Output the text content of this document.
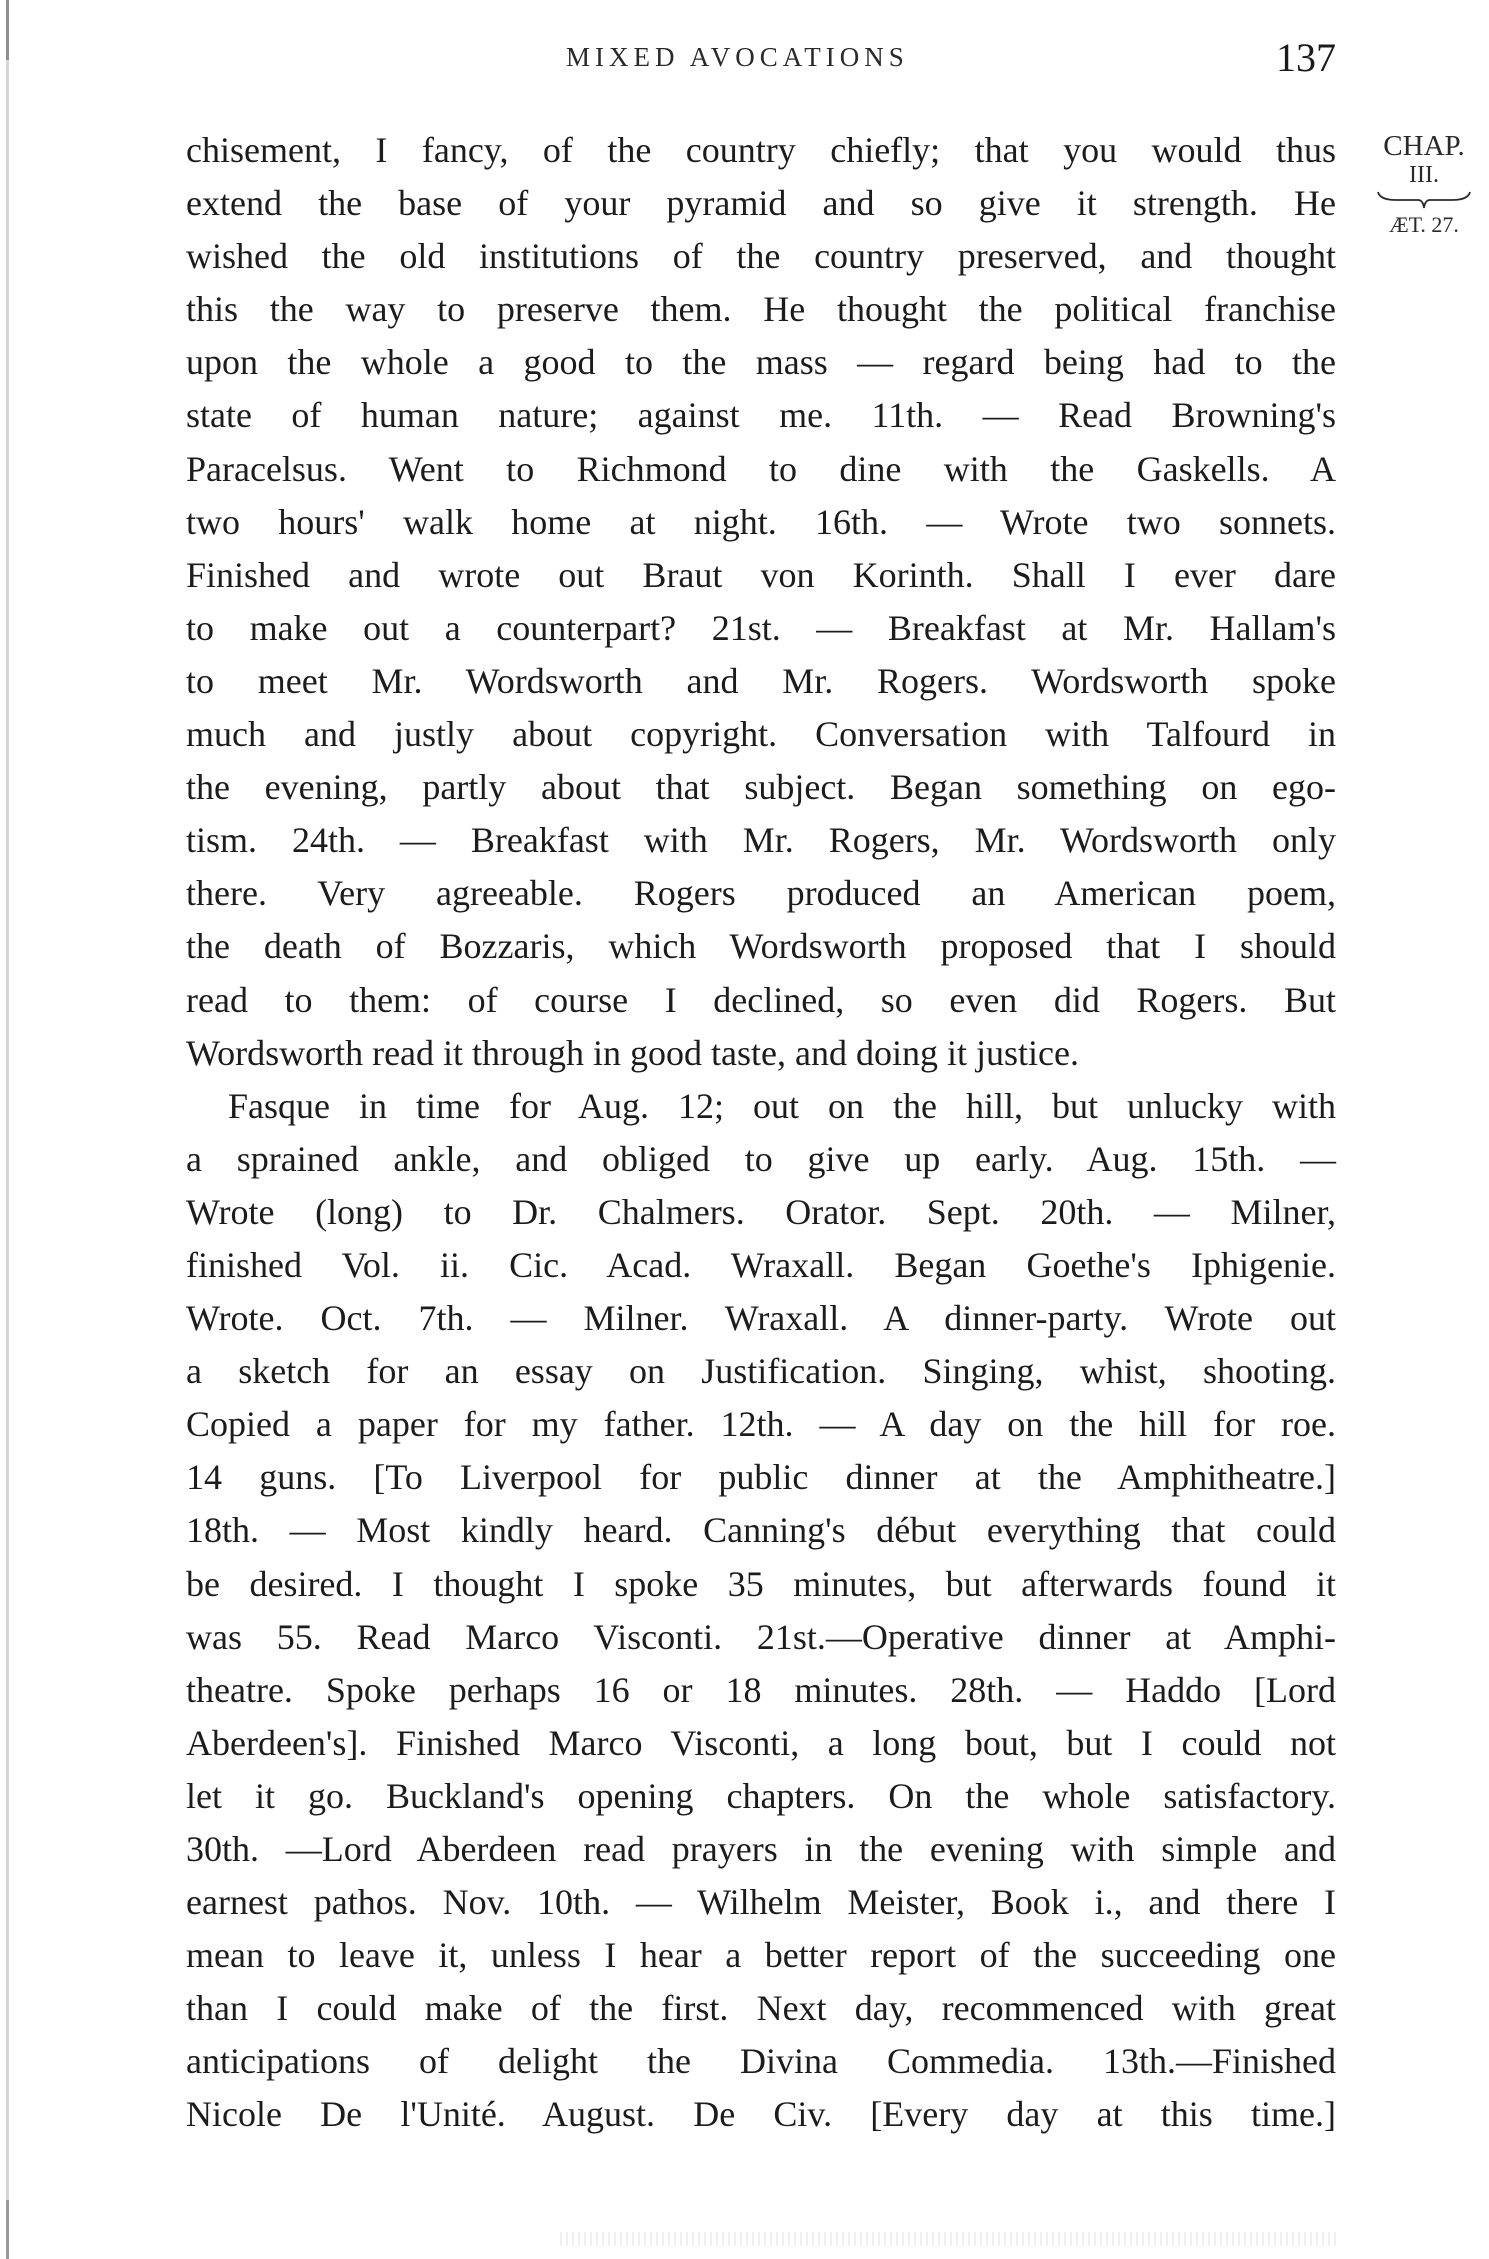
MIXED AVOCATIONS	137
CHAP.
III.
ÆT. 27.
chisement, I fancy, of the country chiefly; that you would thus
extend the base of your pyramid and so give it strength. He
wished the old institutions of the country preserved, and thought
this the way to preserve them. He thought the political franchise
upon the whole a good to the mass — regard being had to the
state of human nature; against me. 11th. — Read Browning's
Paracelsus. Went to Richmond to dine with the Gaskells. A
two hours' walk home at night. 16th. — Wrote two sonnets.
Finished and wrote out Braut von Korinth. Shall I ever dare
to make out a counterpart? 21st. — Breakfast at Mr. Hallam's
to meet Mr. Wordsworth and Mr. Rogers. Wordsworth spoke
much and justly about copyright. Conversation with Talfourd in
the evening, partly about that subject. Began something on ego-
tism. 24th. — Breakfast with Mr. Rogers, Mr. Wordsworth only
there. Very agreeable. Rogers produced an American poem,
the death of Bozzaris, which Wordsworth proposed that I should
read to them: of course I declined, so even did Rogers. But
Wordsworth read it through in good taste, and doing it justice.
Fasque in time for Aug. 12; out on the hill, but unlucky with
a sprained ankle, and obliged to give up early. Aug. 15th. —
Wrote (long) to Dr. Chalmers. Orator. Sept. 20th. — Milner,
finished Vol. ii. Cic. Acad. Wraxall. Began Goethe's Iphigenie.
Wrote. Oct. 7th. — Milner. Wraxall. A dinner-party. Wrote out
a sketch for an essay on Justification. Singing, whist, shooting.
Copied a paper for my father. 12th. — A day on the hill for roe.
14 guns. [To Liverpool for public dinner at the Amphitheatre.]
18th. — Most kindly heard. Canning's début everything that could
be desired. I thought I spoke 35 minutes, but afterwards found it
was 55. Read Marco Visconti. 21st.—Operative dinner at Amphi-
theatre. Spoke perhaps 16 or 18 minutes. 28th. — Haddo [Lord
Aberdeen's]. Finished Marco Visconti, a long bout, but I could not
let it go. Buckland's opening chapters. On the whole satisfactory.
30th. —Lord Aberdeen read prayers in the evening with simple and
earnest pathos. Nov. 10th. — Wilhelm Meister, Book i., and there I
mean to leave it, unless I hear a better report of the succeeding one
than I could make of the first. Next day, recommenced with great
anticipations of delight the Divina Commedia. 13th.—Finished
Nicole De l'Unité. August. De Civ. [Every day at this time.]
